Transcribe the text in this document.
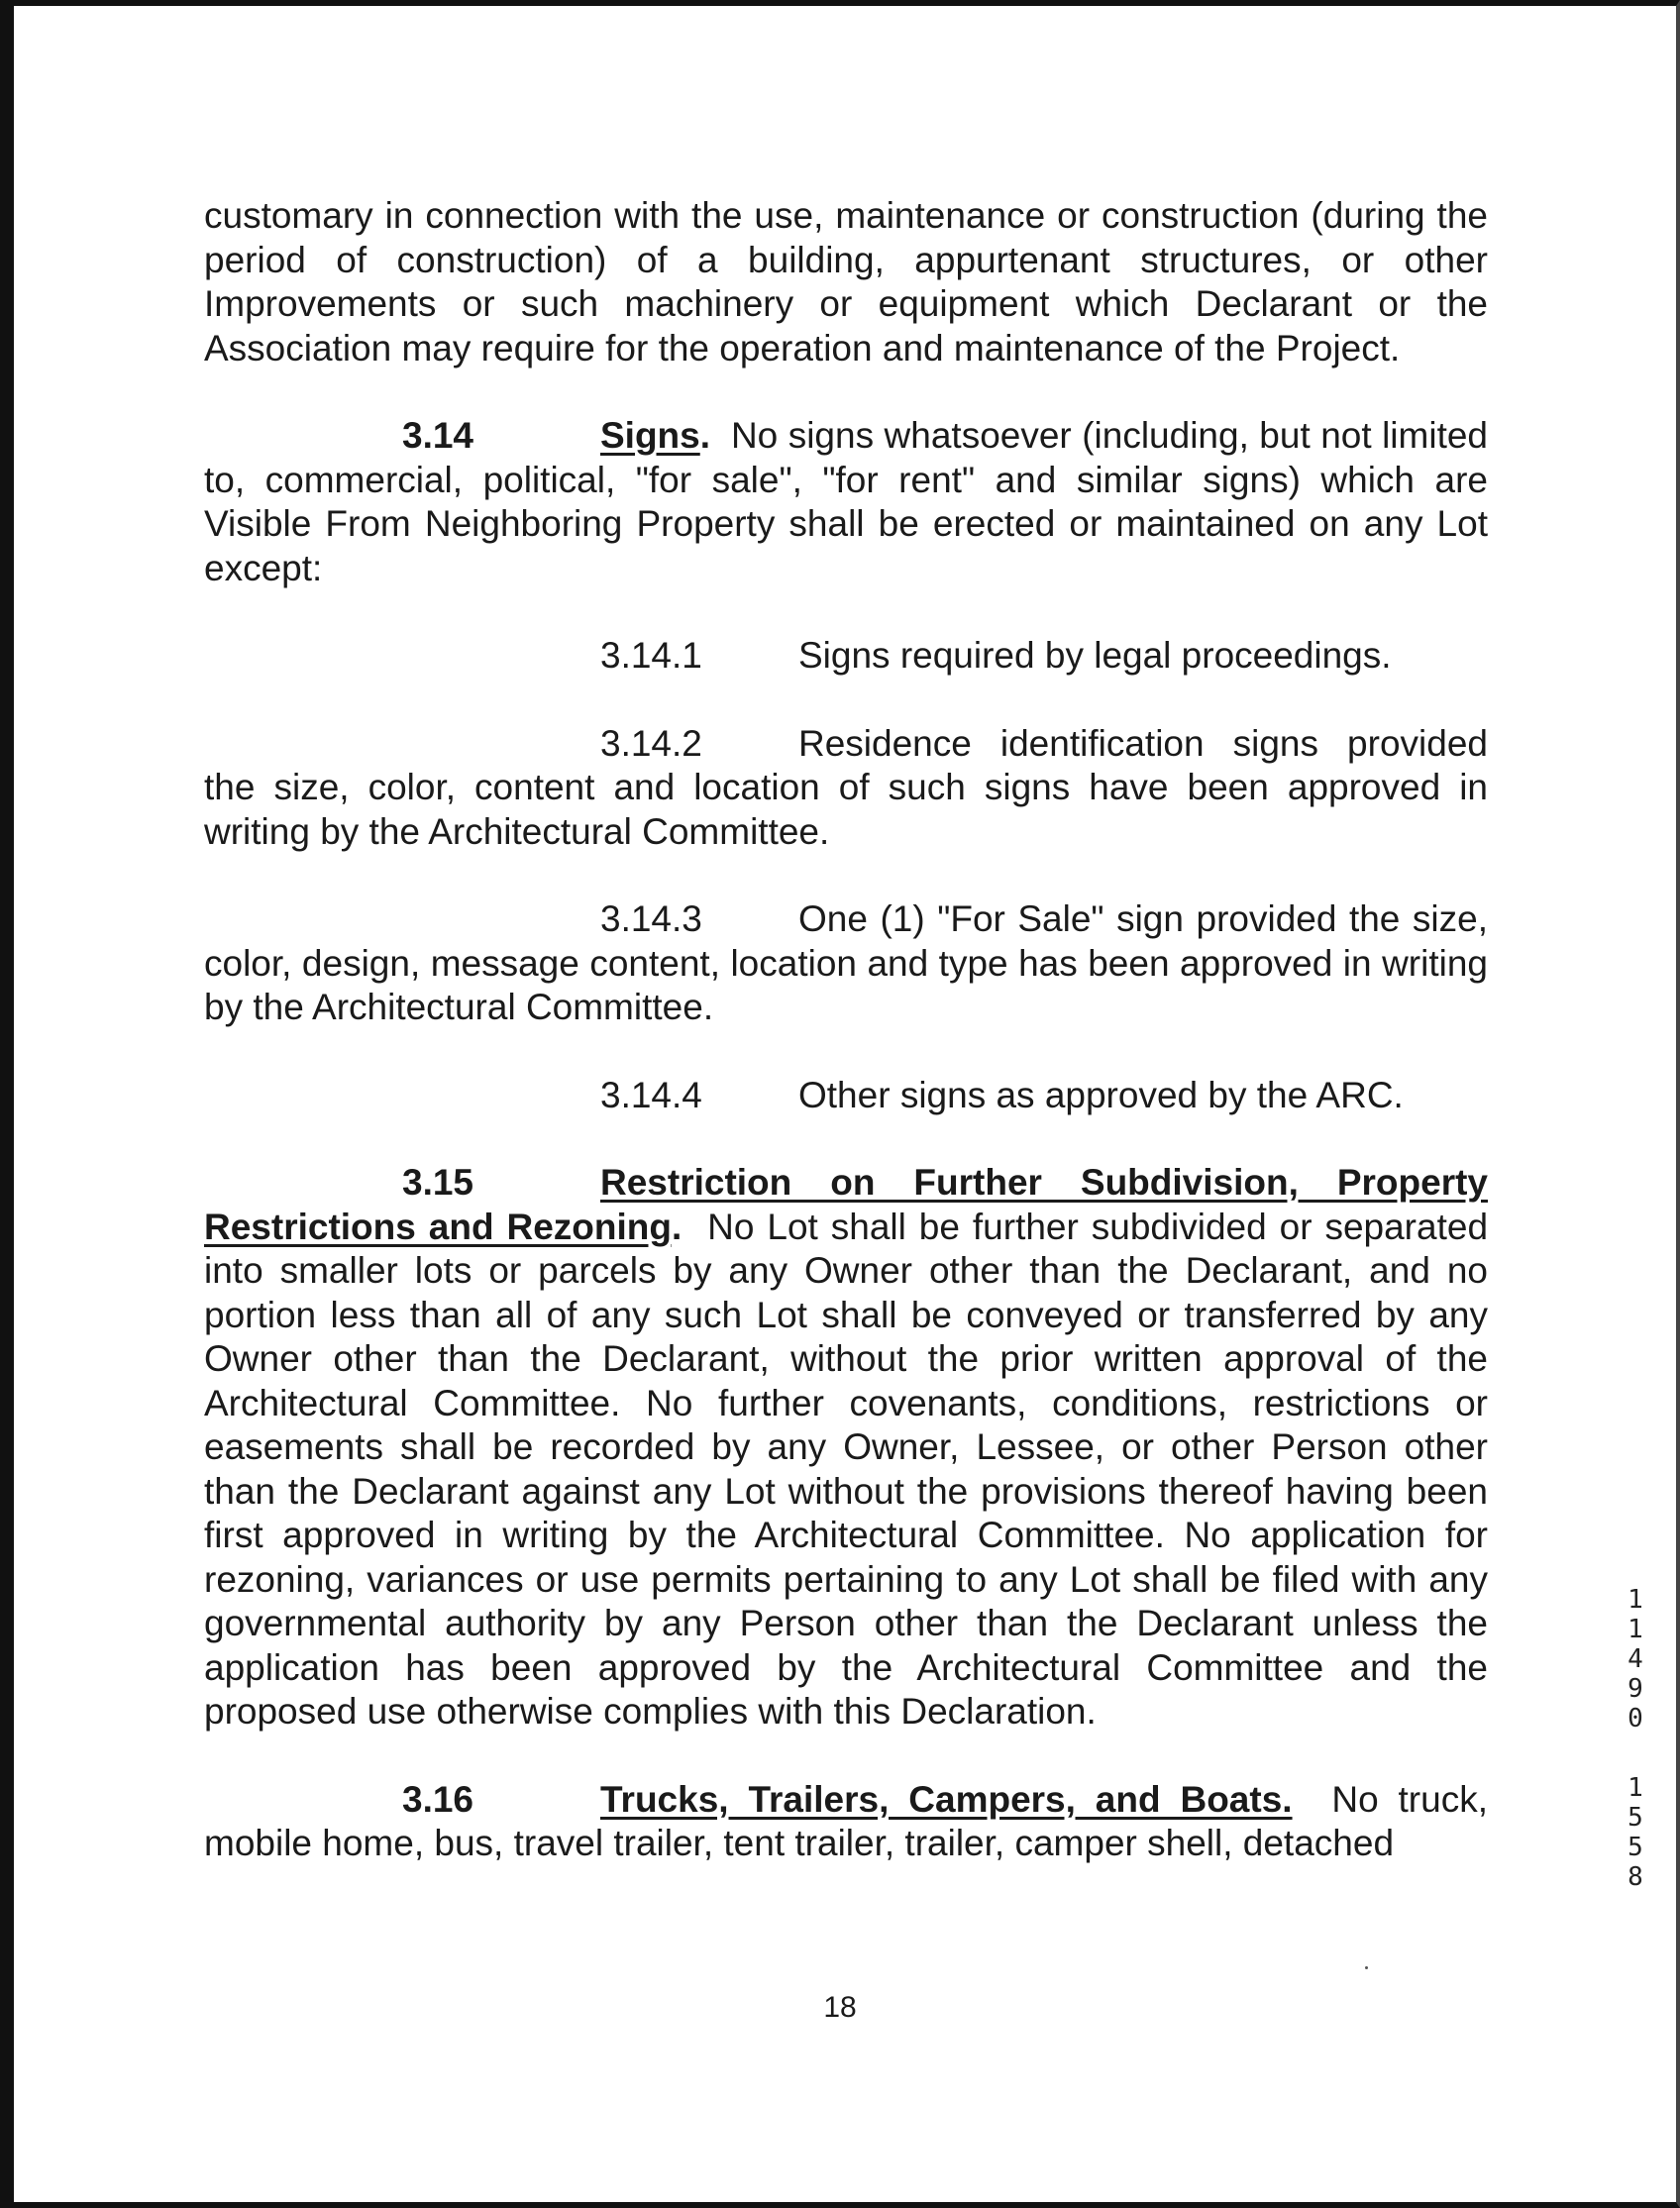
customary in connection with the use, maintenance or construction (during the period of construction) of a building, appurtenant structures, or other Improvements or such machinery or equipment which Declarant or the Association may require for the operation and maintenance of the Project.

3.14	Signs. No signs whatsoever (including, but not limited to, commercial, political, "for sale", "for rent" and similar signs) which are Visible From Neighboring Property shall be erected or maintained on any Lot except:

3.14.1	Signs required by legal proceedings.

3.14.2	Residence identification signs provided the size, color, content and location of such signs have been approved in writing by the Architectural Committee.

3.14.3	One (1) "For Sale" sign provided the size, color, design, message content, location and type has been approved in writing by the Architectural Committee.

3.14.4	Other signs as approved by the ARC.

3.15	Restriction on Further Subdivision, Property Restrictions and Rezoning. No Lot shall be further subdivided or separated into smaller lots or parcels by any Owner other than the Declarant, and no portion less than all of any such Lot shall be conveyed or transferred by any Owner other than the Declarant, without the prior written approval of the Architectural Committee. No further covenants, conditions, restrictions or easements shall be recorded by any Owner, Lessee, or other Person other than the Declarant against any Lot without the provisions thereof having been first approved in writing by the Architectural Committee. No application for rezoning, variances or use permits pertaining to any Lot shall be filed with any governmental authority by any Person other than the Declarant unless the application has been approved by the Architectural Committee and the proposed use otherwise complies with this Declaration.

3.16	Trucks, Trailers, Campers, and Boats. No truck, mobile home, bus, travel trailer, tent trailer, trailer, camper shell, detached

18
1 1 4 9 0
1 5 5 8
